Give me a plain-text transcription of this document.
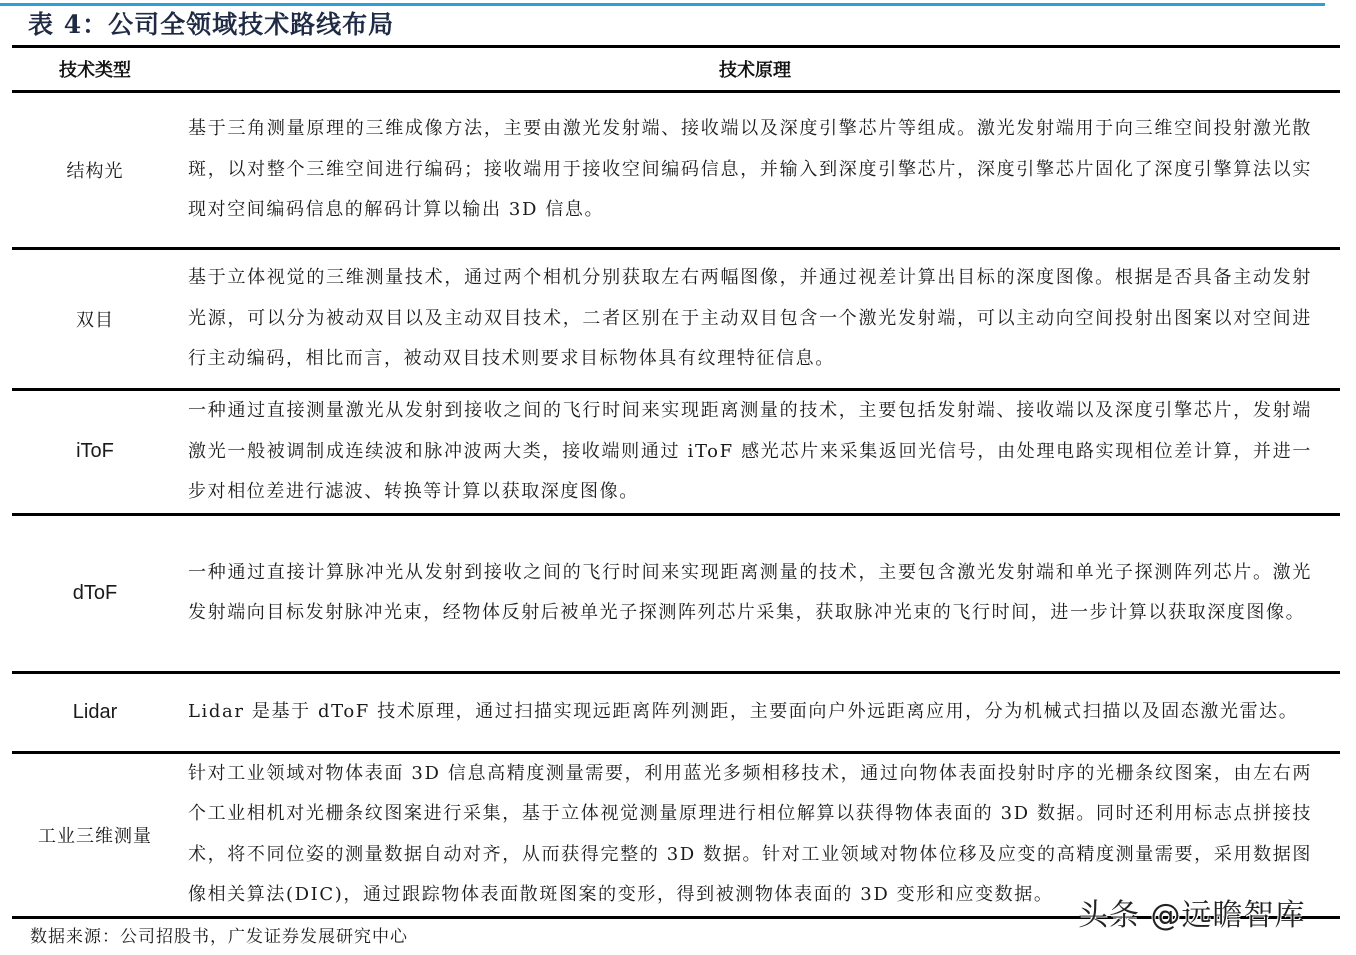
表 4：公司全领域技术路线布局
技术类型	技术原理
结构光	基于三角测量原理的三维成像方法，主要由激光发射端、接收端以及深度引擎芯片等组成。激光发射端用于向三维空间投射激光散斑，以对整个三维空间进行编码；接收端用于接收空间编码信息，并输入到深度引擎芯片，深度引擎芯片固化了深度引擎算法以实现对空间编码信息的解码计算以输出 3D 信息。
双目	基于立体视觉的三维测量技术，通过两个相机分别获取左右两幅图像，并通过视差计算出目标的深度图像。根据是否具备主动发射光源，可以分为被动双目以及主动双目技术，二者区别在于主动双目包含一个激光发射端，可以主动向空间投射出图案以对空间进行主动编码，相比而言，被动双目技术则要求目标物体具有纹理特征信息。
iToF	一种通过直接测量激光从发射到接收之间的飞行时间来实现距离测量的技术，主要包括发射端、接收端以及深度引擎芯片，发射端激光一般被调制成连续波和脉冲波两大类，接收端则通过 iToF 感光芯片来采集返回光信号，由处理电路实现相位差计算，并进一步对相位差进行滤波、转换等计算以获取深度图像。
dToF	一种通过直接计算脉冲光从发射到接收之间的飞行时间来实现距离测量的技术，主要包含激光发射端和单光子探测阵列芯片。激光发射端向目标发射脉冲光束，经物体反射后被单光子探测阵列芯片采集，获取脉冲光束的飞行时间，进一步计算以获取深度图像。
Lidar	Lidar 是基于 dToF 技术原理，通过扫描实现远距离阵列测距，主要面向户外远距离应用，分为机械式扫描以及固态激光雷达。
工业三维测量	针对工业领域对物体表面 3D 信息高精度测量需要，利用蓝光多频相移技术，通过向物体表面投射时序的光栅条纹图案，由左右两个工业相机对光栅条纹图案进行采集，基于立体视觉测量原理进行相位解算以获得物体表面的 3D 数据。同时还利用标志点拼接技术，将不同位姿的测量数据自动对齐，从而获得完整的 3D 数据。针对工业领域对物体位移及应变的高精度测量需要，采用数据图像相关算法(DIC)，通过跟踪物体表面散斑图案的变形，得到被测物体表面的 3D 变形和应变数据。
数据来源：公司招股书，广发证券发展研究中心
头条 @远瞻智库
